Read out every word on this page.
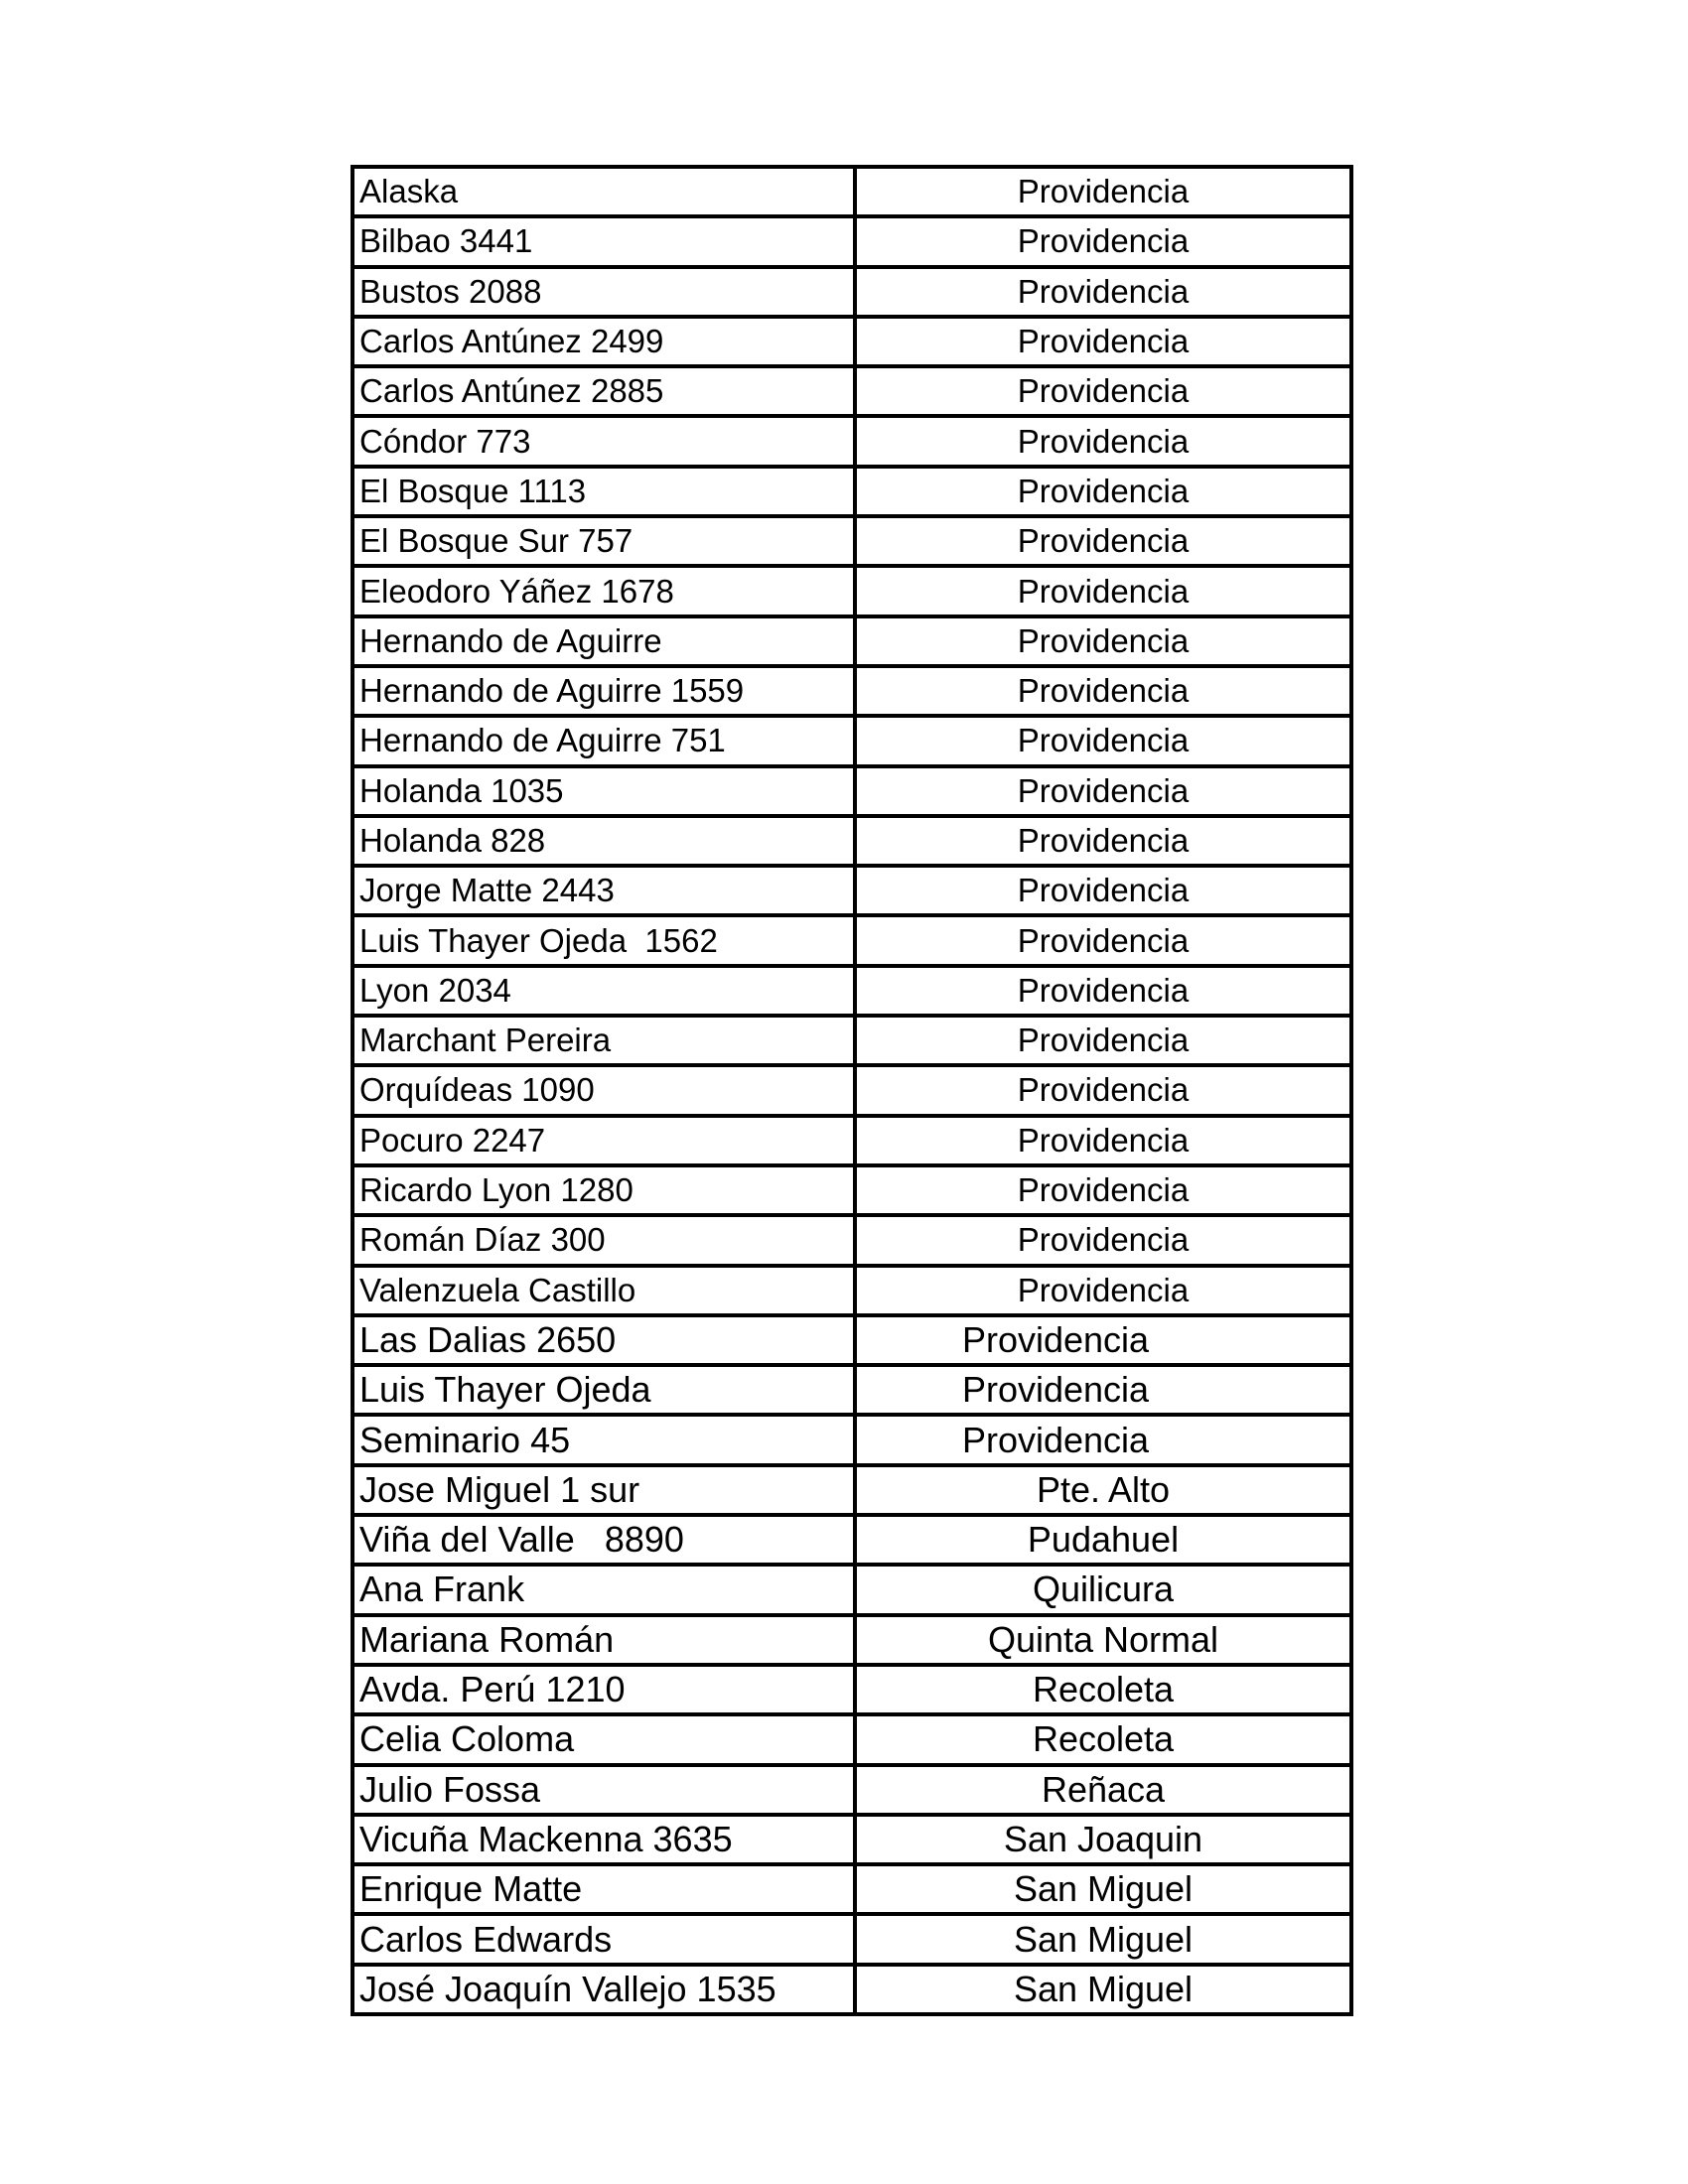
Alaska	Providencia
Bilbao 3441	Providencia
Bustos 2088	Providencia
Carlos Antúnez 2499	Providencia
Carlos Antúnez 2885	Providencia
Cóndor 773	Providencia
El Bosque 1113	Providencia
El Bosque Sur 757	Providencia
Eleodoro Yáñez 1678	Providencia
Hernando de Aguirre	Providencia
Hernando de Aguirre 1559	Providencia
Hernando de Aguirre 751	Providencia
Holanda 1035	Providencia
Holanda 828	Providencia
Jorge Matte 2443	Providencia
Luis Thayer Ojeda  1562	Providencia
Lyon 2034	Providencia
Marchant Pereira	Providencia
Orquídeas 1090	Providencia
Pocuro 2247	Providencia
Ricardo Lyon 1280	Providencia
Román Díaz 300	Providencia
Valenzuela Castillo	Providencia
Las Dalias 2650	Providencia
Luis Thayer Ojeda	Providencia
Seminario 45	Providencia
Jose Miguel 1 sur	Pte. Alto
Viña del Valle   8890	Pudahuel
Ana Frank	Quilicura
Mariana Román	Quinta Normal
Avda. Perú 1210	Recoleta
Celia Coloma	Recoleta
Julio Fossa	Reñaca
Vicuña Mackenna 3635	San Joaquin
Enrique Matte	San Miguel
Carlos Edwards	San Miguel
José Joaquín Vallejo 1535	San Miguel
